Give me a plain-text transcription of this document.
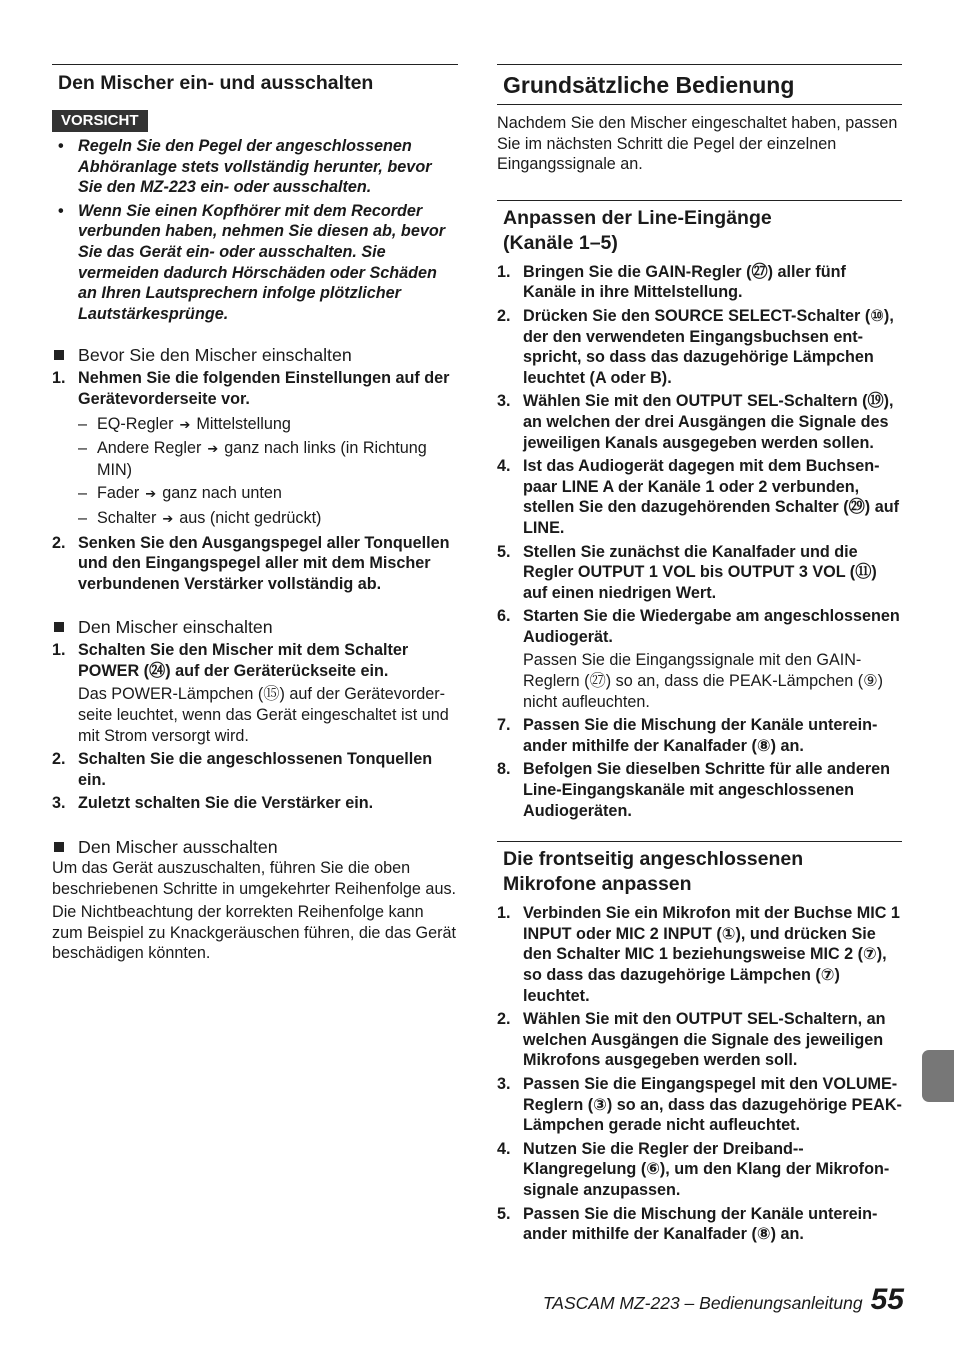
Den Mischer ein- und ausschalten
VORSICHT
• Regeln Sie den Pegel der angeschlossenen Abhöranlage stets vollständig herunter, bevor Sie den MZ-223 ein- oder ausschalten.
• Wenn Sie einen Kopfhörer mit dem Recorder verbunden haben, nehmen Sie diesen ab, bevor Sie das Gerät ein- oder ausschalten. Sie vermeiden dadurch Hörschäden oder Schäden an Ihren Lautsprechern infolge plötzlicher Lautstärkesprünge.
Bevor Sie den Mischer einschalten
1. Nehmen Sie die folgenden Einstellungen auf der Gerätevorderseite vor.
– EQ-Regler ➔ Mittelstellung
– Andere Regler ➔ ganz nach links (in Richtung MIN)
– Fader ➔ ganz nach unten
– Schalter ➔ aus (nicht gedrückt)
2. Senken Sie den Ausgangspegel aller Tonquellen und den Eingangspegel aller mit dem Mischer verbundenen Verstärker vollständig ab.
Den Mischer einschalten
1. Schalten Sie den Mischer mit dem Schalter POWER (㉔) auf der Geräterückseite ein.

Das POWER-Lämpchen (⑮) auf der Gerätevorderseite leuchtet, wenn das Gerät eingeschaltet ist und mit Strom versorgt wird.

2. Schalten Sie die angeschlossenen Tonquellen ein.
3. Zuletzt schalten Sie die Verstärker ein.
Den Mischer ausschalten

Um das Gerät auszuschalten, führen Sie die oben beschriebenen Schritte in umgekehrter Reihenfolge aus.

Die Nichtbeachtung der korrekten Reihenfolge kann zum Beispiel zu Knackgeräuschen führen, die das Gerät beschädigen könnten.

Grundsätzliche Bedienung

Nachdem Sie den Mischer eingeschaltet haben, passen Sie im nächsten Schritt die Pegel der einzelnen Eingangssignale an.

Anpassen der Line-Eingänge (Kanäle 1–5)
1. Bringen Sie die GAIN-Regler (㉗) aller fünf Kanäle in ihre Mittelstellung.
2. Drücken Sie den SOURCE SELECT-Schalter (⑩), der den verwendeten Eingangsbuchsen entspricht, so dass das dazugehörige Lämpchen leuchtet (A oder B).
3. Wählen Sie mit den OUTPUT SEL-Schaltern (⑲), an welchen der drei Ausgängen die Signale des jeweiligen Kanals ausgegeben werden sollen.
4. Ist das Audiogerät dagegen mit dem Buchsenpaar LINE A der Kanäle 1 oder 2 verbunden, stellen Sie den dazugehörenden Schalter (㉙) auf LINE.
5. Stellen Sie zunächst die Kanalfader und die Regler OUTPUT 1 VOL bis OUTPUT 3 VOL (⑪) auf einen niedrigen Wert.
6. Starten Sie die Wiedergabe am angeschlossenen Audiogerät.

Passen Sie die Eingangssignale mit den GAIN-Reglern (㉗) so an, dass die PEAK-Lämpchen (⑨) nicht aufleuchten.

7. Passen Sie die Mischung der Kanäle untereinander mithilfe der Kanalfader (⑧) an.
8. Befolgen Sie dieselben Schritte für alle anderen Line-Eingangskanäle mit angeschlossenen Audiogeräten.
Die frontseitig angeschlossenen Mikrofone anpassen
1. Verbinden Sie ein Mikrofon mit der Buchse MIC 1 INPUT oder MIC 2 INPUT (①), und drücken Sie den Schalter MIC 1 beziehungsweise MIC 2 (⑦), so dass das dazugehörige Lämpchen (⑦) leuchtet.
2. Wählen Sie mit den OUTPUT SEL-Schaltern, an welchen Ausgängen die Signale des jeweiligen Mikrofons ausgegeben werden soll.
3. Passen Sie die Eingangspegel mit den VOLUME-Reglern (③) so an, dass das dazugehörige PEAK-Lämpchen gerade nicht aufleuchtet.
4. Nutzen Sie die Regler der Dreiband-Klangregelung (⑥), um den Klang der Mikrofonsignale anzupassen.
5. Passen Sie die Mischung der Kanäle untereinander mithilfe der Kanalfader (⑧) an.
TASCAM MZ-223 – Bedienungsanleitung 55
